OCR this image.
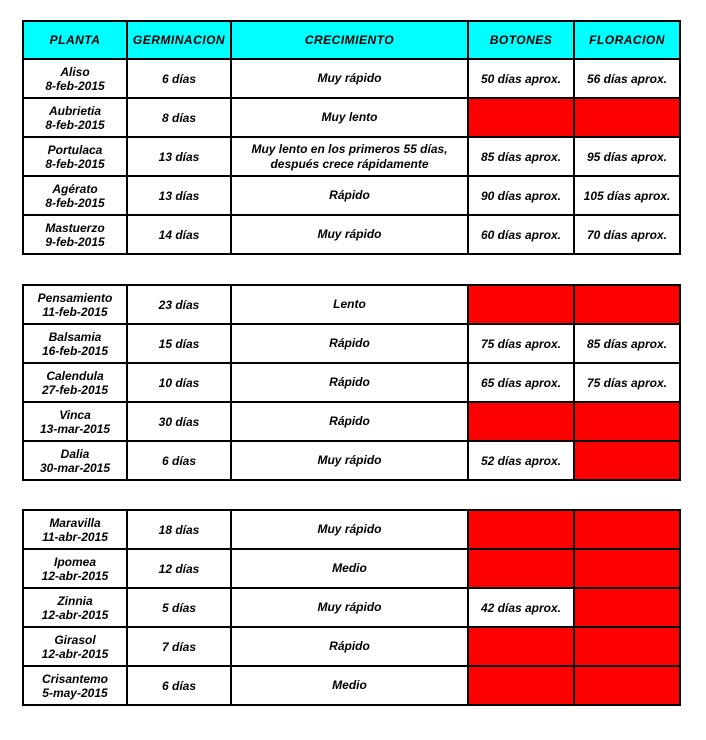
PLANTA	GERMINACION	CRECIMIENTO	BOTONES	FLORACION

Aliso
8-feb-2015	6 días	Muy rápido	50 días aprox.	56 días aprox.

Aubrietia
8-feb-2015	8 días	Muy lento		

Portulaca
8-feb-2015	13 días	Muy lento en los primeros 55 días,
después crece rápidamente	85 días aprox.	95 días aprox.

Agérato
8-feb-2015	13 días	Rápido	90 días aprox.	105 días aprox.

Mastuerzo
9-feb-2015	14 días	Muy rápido	60 días aprox.	70 días aprox.
Pensamiento
11-feb-2015	23 días	Lento		

Balsamia
16-feb-2015	15 días	Rápido	75 días aprox.	85 días aprox.

Calendula
27-feb-2015	10 días	Rápido	65 días aprox.	75 días aprox.

Vinca
13-mar-2015	30 días	Rápido		

Dalia
30-mar-2015	6 días	Muy rápido	52 días aprox.	
Maravilla
11-abr-2015	18 días	Muy rápido		

Ipomea
12-abr-2015	12 días	Medio		

Zinnia
12-abr-2015	5 días	Muy rápido	42 días aprox.	

Girasol
12-abr-2015	7 días	Rápido		

Crisantemo
5-may-2015	6 días	Medio		
